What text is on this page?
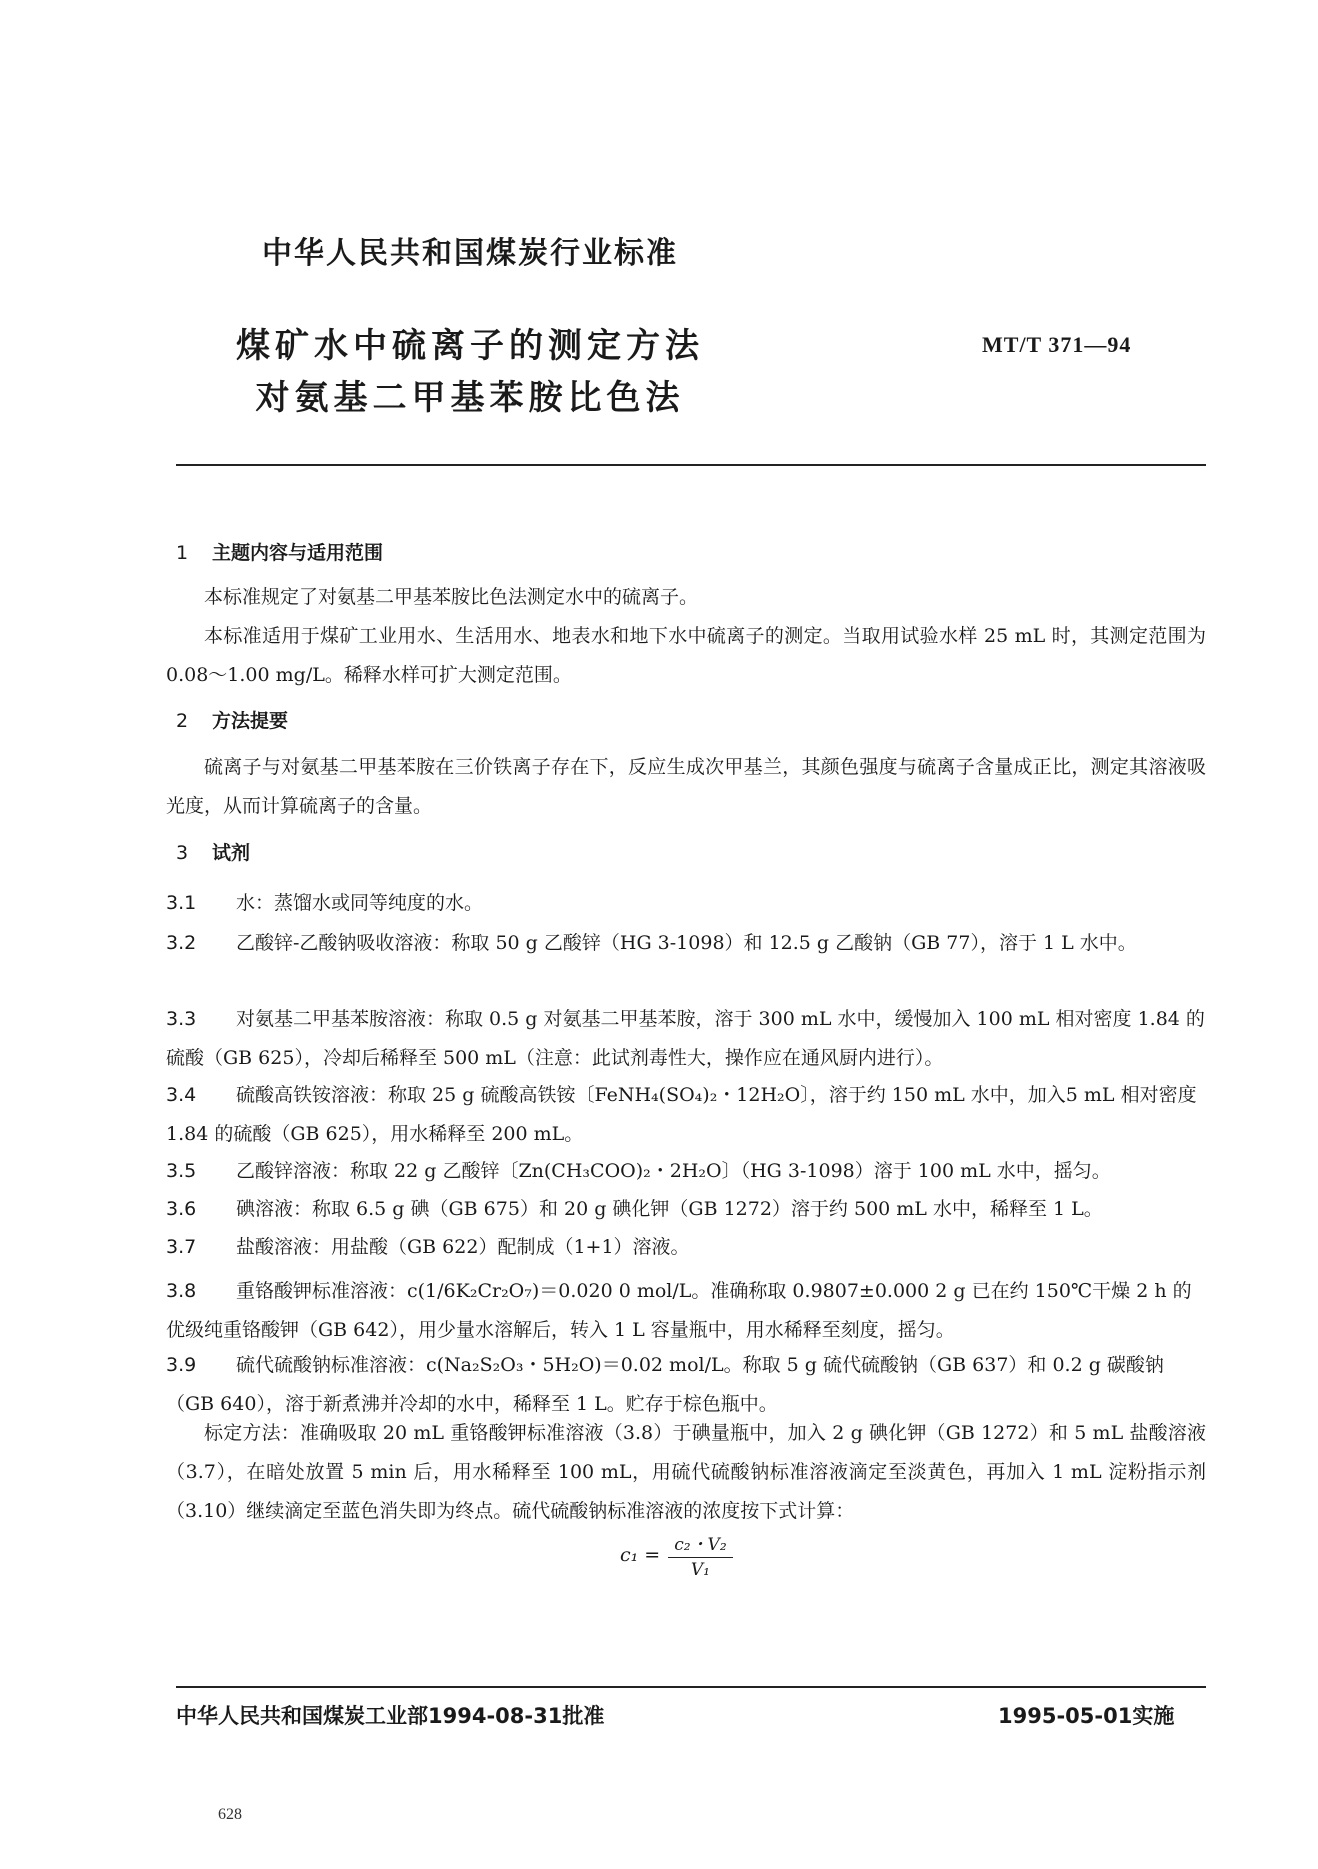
中华人民共和国煤炭行业标准
煤矿水中硫离子的测定方法
对氨基二甲基苯胺比色法
MT/T 371—94
1 主题内容与适用范围
本标准规定了对氨基二甲基苯胺比色法测定水中的硫离子。
本标准适用于煤矿工业用水、生活用水、地表水和地下水中硫离子的测定。当取用试验水样 25 mL 时，其测定范围为 0.08～1.00 mg/L。稀释水样可扩大测定范围。
2 方法提要
硫离子与对氨基二甲基苯胺在三价铁离子存在下，反应生成次甲基兰，其颜色强度与硫离子含量成正比，测定其溶液吸光度，从而计算硫离子的含量。
3 试剂
3.1 水：蒸馏水或同等纯度的水。
3.2 乙酸锌-乙酸钠吸收溶液：称取 50 g 乙酸锌（HG 3-1098）和 12.5 g 乙酸钠（GB 77），溶于 1 L 水中。
3.3 对氨基二甲基苯胺溶液：称取 0.5 g 对氨基二甲基苯胺，溶于 300 mL 水中，缓慢加入 100 mL 相对密度 1.84 的硫酸（GB 625），冷却后稀释至 500 mL（注意：此试剂毒性大，操作应在通风厨内进行）。
3.4 硫酸高铁铵溶液：称取 25 g 硫酸高铁铵〔FeNH₄(SO₄)₂・12H₂O〕，溶于约 150 mL 水中，加入5 mL 相对密度 1.84 的硫酸（GB 625），用水稀释至 200 mL。
3.5 乙酸锌溶液：称取 22 g 乙酸锌〔Zn(CH₃COO)₂・2H₂O〕（HG 3-1098）溶于 100 mL 水中，摇匀。
3.6 碘溶液：称取 6.5 g 碘（GB 675）和 20 g 碘化钾（GB 1272）溶于约 500 mL 水中，稀释至 1 L。
3.7 盐酸溶液：用盐酸（GB 622）配制成（1+1）溶液。
3.8 重铬酸钾标准溶液：c(1/6K₂Cr₂O₇)＝0.020 0 mol/L。准确称取 0.9807±0.000 2 g 已在约 150℃干燥 2 h 的优级纯重铬酸钾（GB 642），用少量水溶解后，转入 1 L 容量瓶中，用水稀释至刻度，摇匀。
3.9 硫代硫酸钠标准溶液：c(Na₂S₂O₃・5H₂O)＝0.02 mol/L。称取 5 g 硫代硫酸钠（GB 637）和 0.2 g 碳酸钠（GB 640），溶于新煮沸并冷却的水中，稀释至 1 L。贮存于棕色瓶中。
标定方法：准确吸取 20 mL 重铬酸钾标准溶液（3.8）于碘量瓶中，加入 2 g 碘化钾（GB 1272）和 5 mL 盐酸溶液（3.7），在暗处放置 5 min 后，用水稀释至 100 mL，用硫代硫酸钠标准溶液滴定至淡黄色，再加入 1 mL 淀粉指示剂（3.10）继续滴定至蓝色消失即为终点。硫代硫酸钠标准溶液的浓度按下式计算：
$c_1 = \frac{\text{c₂・V₂}}{\text{V₁}}$
中华人民共和国煤炭工业部1994-08-31批准	1995-05-01实施
628
